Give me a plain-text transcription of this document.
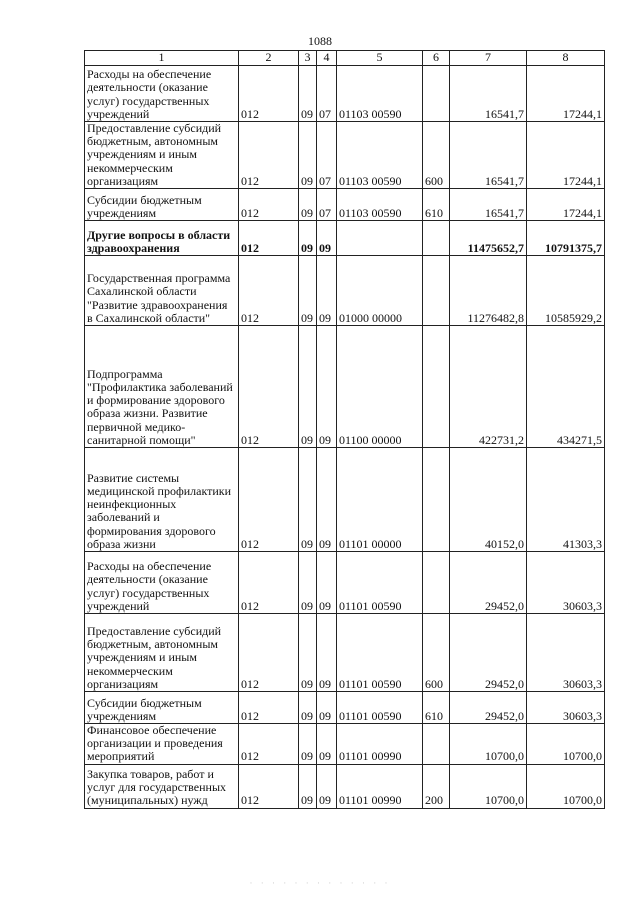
1088
1	2	3	4	5	6	7	8
Расходы на обеспечение деятельности (оказание услуг) государственных учреждений	012	09	07	01103 00590		16541,7	17244,1
Предоставление субсидий бюджетным, автономным учреждениям и иным некоммерческим организациям	012	09	07	01103 00590	600	16541,7	17244,1
Субсидии бюджетным учреждениям	012	09	07	01103 00590	610	16541,7	17244,1
Другие вопросы в области здравоохранения	012	09	09			11475652,7	10791375,7
Государственная программа Сахалинской области "Развитие здравоохранения в Сахалинской области"	012	09	09	01000 00000		11276482,8	10585929,2
Подпрограмма "Профилактика заболеваний и формирование здорового образа жизни. Развитие первичной медико-санитарной помощи"	012	09	09	01100 00000		422731,2	434271,5
Развитие системы медицинской профилактики неинфекционных заболеваний и формирования здорового образа жизни	012	09	09	01101 00000		40152,0	41303,3
Расходы на обеспечение деятельности (оказание услуг) государственных учреждений	012	09	09	01101 00590		29452,0	30603,3
Предоставление субсидий бюджетным, автономным учреждениям и иным некоммерческим организациям	012	09	09	01101 00590	600	29452,0	30603,3
Субсидии бюджетным учреждениям	012	09	09	01101 00590	610	29452,0	30603,3
Финансовое обеспечение организации и проведения мероприятий	012	09	09	01101 00990		10700,0	10700,0
Закупка товаров, работ и услуг для государственных (муниципальных) нужд	012	09	09	01101 00990	200	10700,0	10700,0
· · · · · · · · · · · · ·
